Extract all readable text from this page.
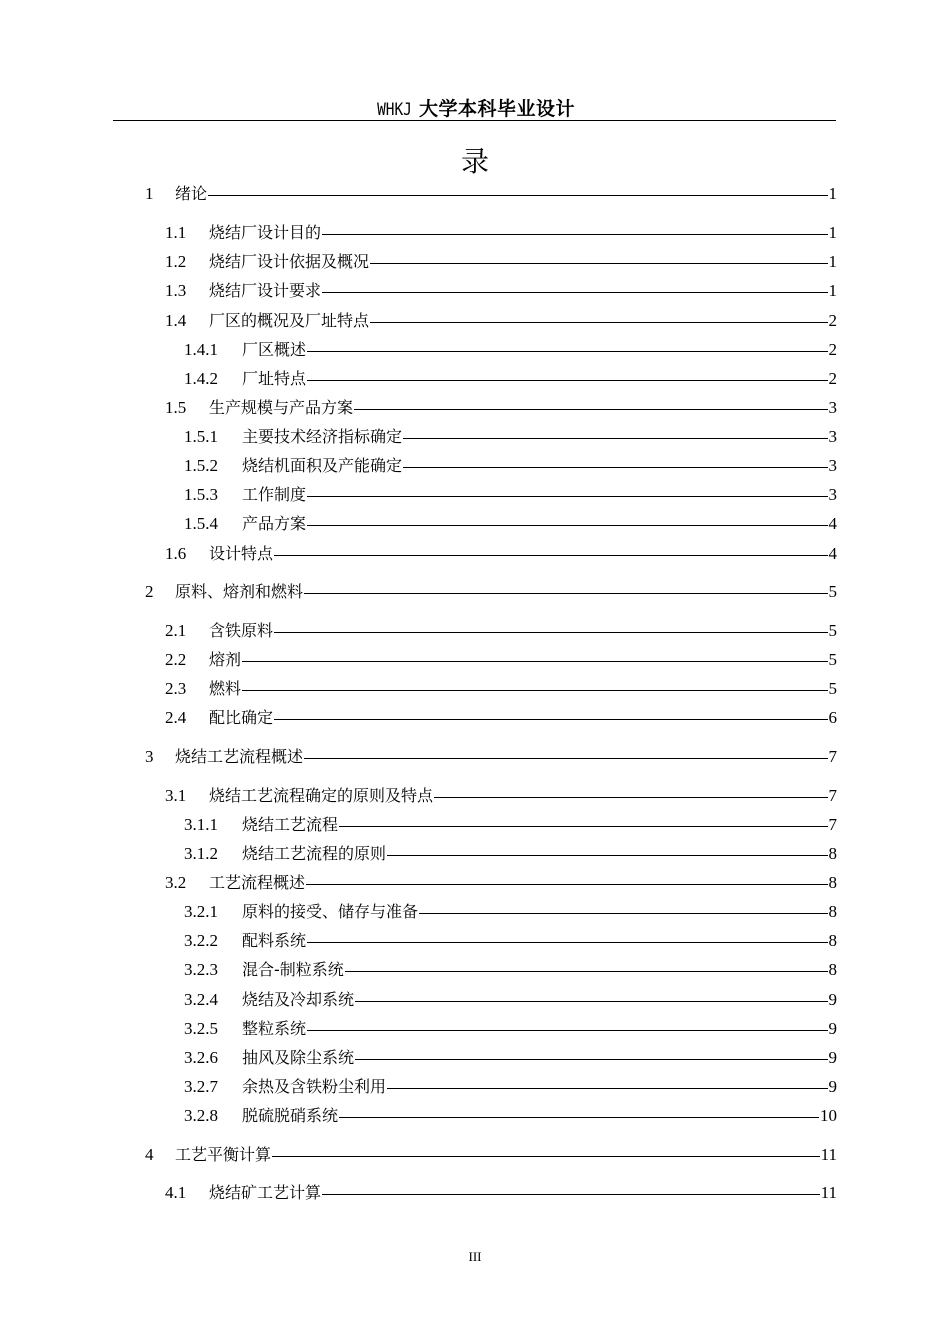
WHKJ 大学本科毕业设计
录
1	绪论	1
1.1	烧结厂设计目的	1
1.2	烧结厂设计依据及概况	1
1.3	烧结厂设计要求	1
1.4	厂区的概况及厂址特点	2
1.4.1	厂区概述	2
1.4.2	厂址特点	2
1.5	生产规模与产品方案	3
1.5.1	主要技术经济指标确定	3
1.5.2	烧结机面积及产能确定	3
1.5.3	工作制度	3
1.5.4	产品方案	4
1.6	设计特点	4
2	原料、熔剂和燃料	5
2.1	含铁原料	5
2.2	熔剂	5
2.3	燃料	5
2.4	配比确定	6
3	烧结工艺流程概述	7
3.1	烧结工艺流程确定的原则及特点	7
3.1.1	烧结工艺流程	7
3.1.2	烧结工艺流程的原则	8
3.2	工艺流程概述	8
3.2.1	原料的接受、储存与准备	8
3.2.2	配料系统	8
3.2.3	混合-制粒系统	8
3.2.4	烧结及冷却系统	9
3.2.5	整粒系统	9
3.2.6	抽风及除尘系统	9
3.2.7	余热及含铁粉尘利用	9
3.2.8	脱硫脱硝系统	10
4	工艺平衡计算	11
4.1	烧结矿工艺计算	11
III
